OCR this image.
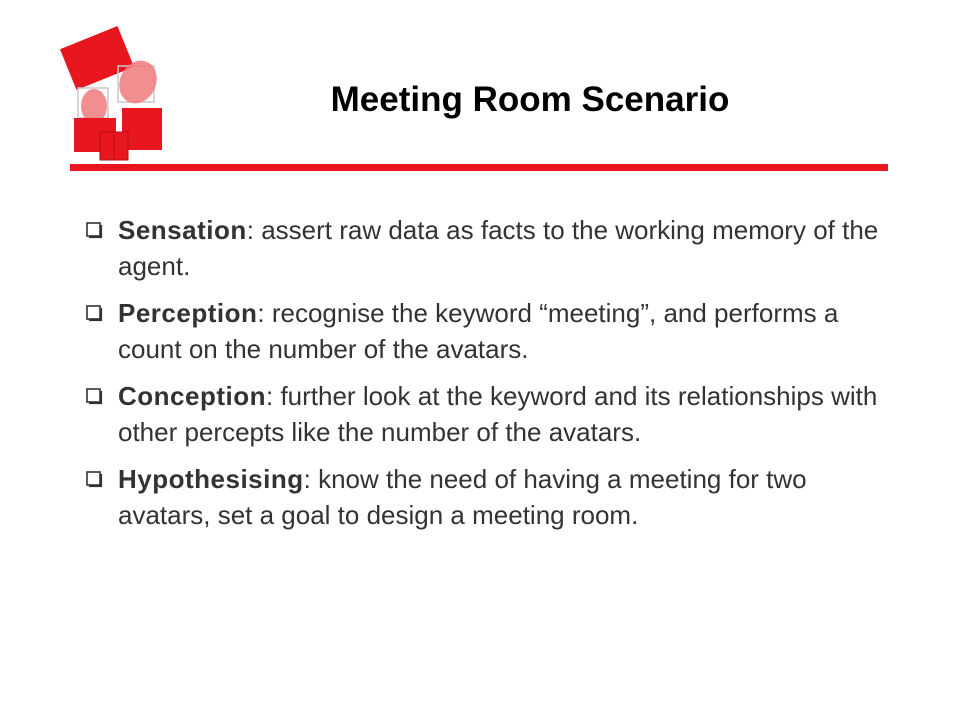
Meeting Room Scenario
Sensation: assert raw data as facts to the working memory of the agent.
Perception: recognise the keyword “meeting”, and performs a count on the number of the avatars.
Conception: further look at the keyword and its relationships with other percepts like the number of the avatars.
Hypothesising: know the need of having a meeting for two avatars, set a goal to design a meeting room.
